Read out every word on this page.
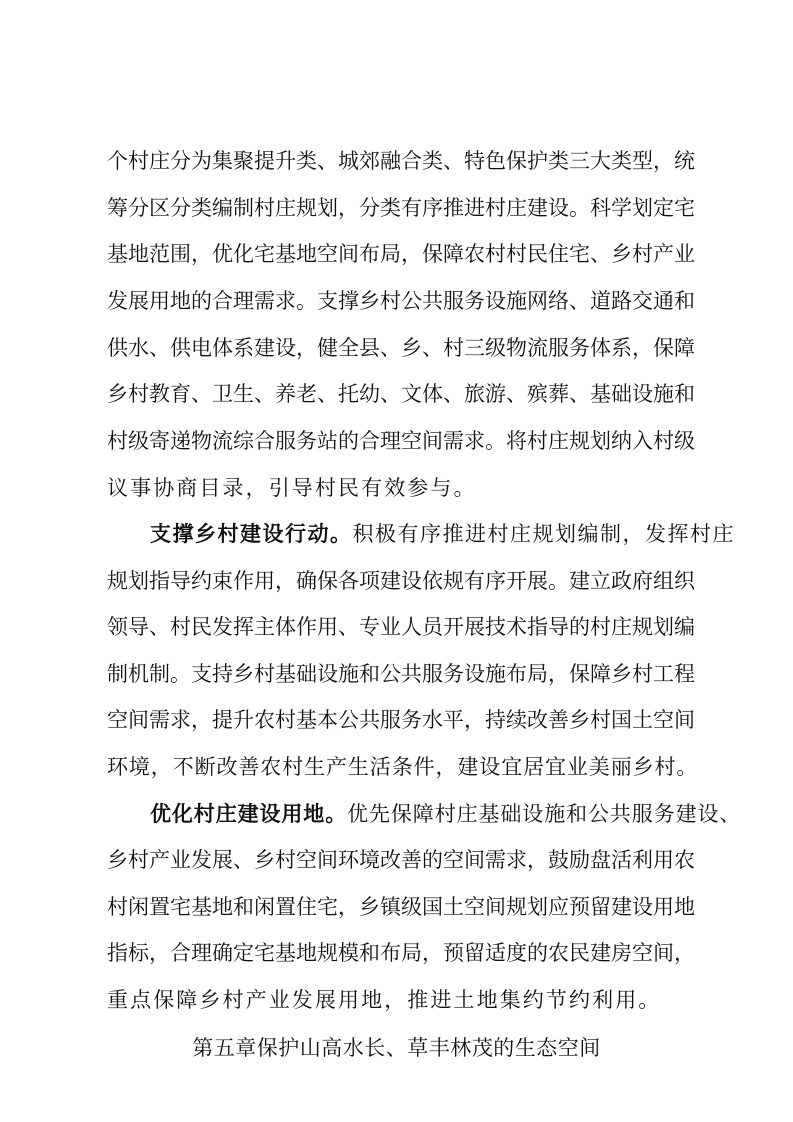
个村庄分为集聚提升类、城郊融合类、特色保护类三大类型，统
筹分区分类编制村庄规划，分类有序推进村庄建设。科学划定宅
基地范围，优化宅基地空间布局，保障农村村民住宅、乡村产业
发展用地的合理需求。支撑乡村公共服务设施网络、道路交通和
供水、供电体系建设，健全县、乡、村三级物流服务体系，保障
乡村教育、卫生、养老、托幼、文体、旅游、殡葬、基础设施和
村级寄递物流综合服务站的合理空间需求。将村庄规划纳入村级
议事协商目录，引导村民有效参与。
支撑乡村建设行动。积极有序推进村庄规划编制，发挥村庄
规划指导约束作用，确保各项建设依规有序开展。建立政府组织
领导、村民发挥主体作用、专业人员开展技术指导的村庄规划编
制机制。支持乡村基础设施和公共服务设施布局，保障乡村工程
空间需求，提升农村基本公共服务水平，持续改善乡村国土空间
环境，不断改善农村生产生活条件，建设宜居宜业美丽乡村。
优化村庄建设用地。优先保障村庄基础设施和公共服务建设、
乡村产业发展、乡村空间环境改善的空间需求，鼓励盘活利用农
村闲置宅基地和闲置住宅，乡镇级国土空间规划应预留建设用地
指标，合理确定宅基地规模和布局，预留适度的农民建房空间，
重点保障乡村产业发展用地，推进土地集约节约利用。
第五章保护山高水长、草丰林茂的生态空间
